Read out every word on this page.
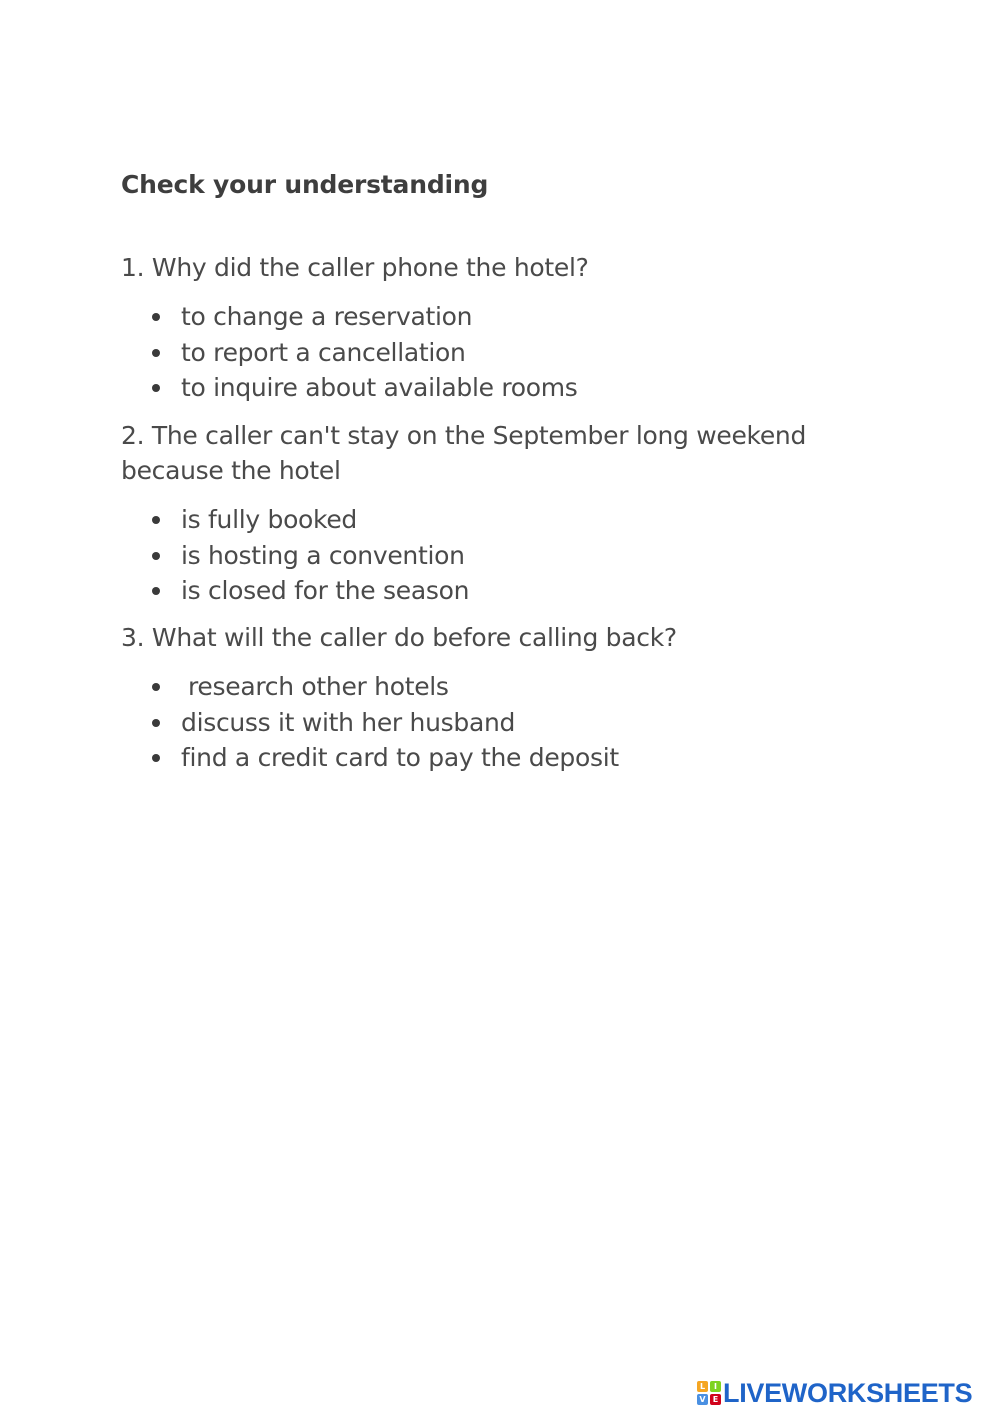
Check your understanding

1. Why did the caller phone the hotel?

to change a reservation
to report a cancellation
to inquire about available rooms

2. The caller can't stay on the September long weekend because the hotel

is fully booked
is hosting a convention
is closed for the season

3. What will the caller do before calling back?

research other hotels
discuss it with her husband
find a credit card to pay the deposit
L	I
V E LIVEWORKSHEETS
